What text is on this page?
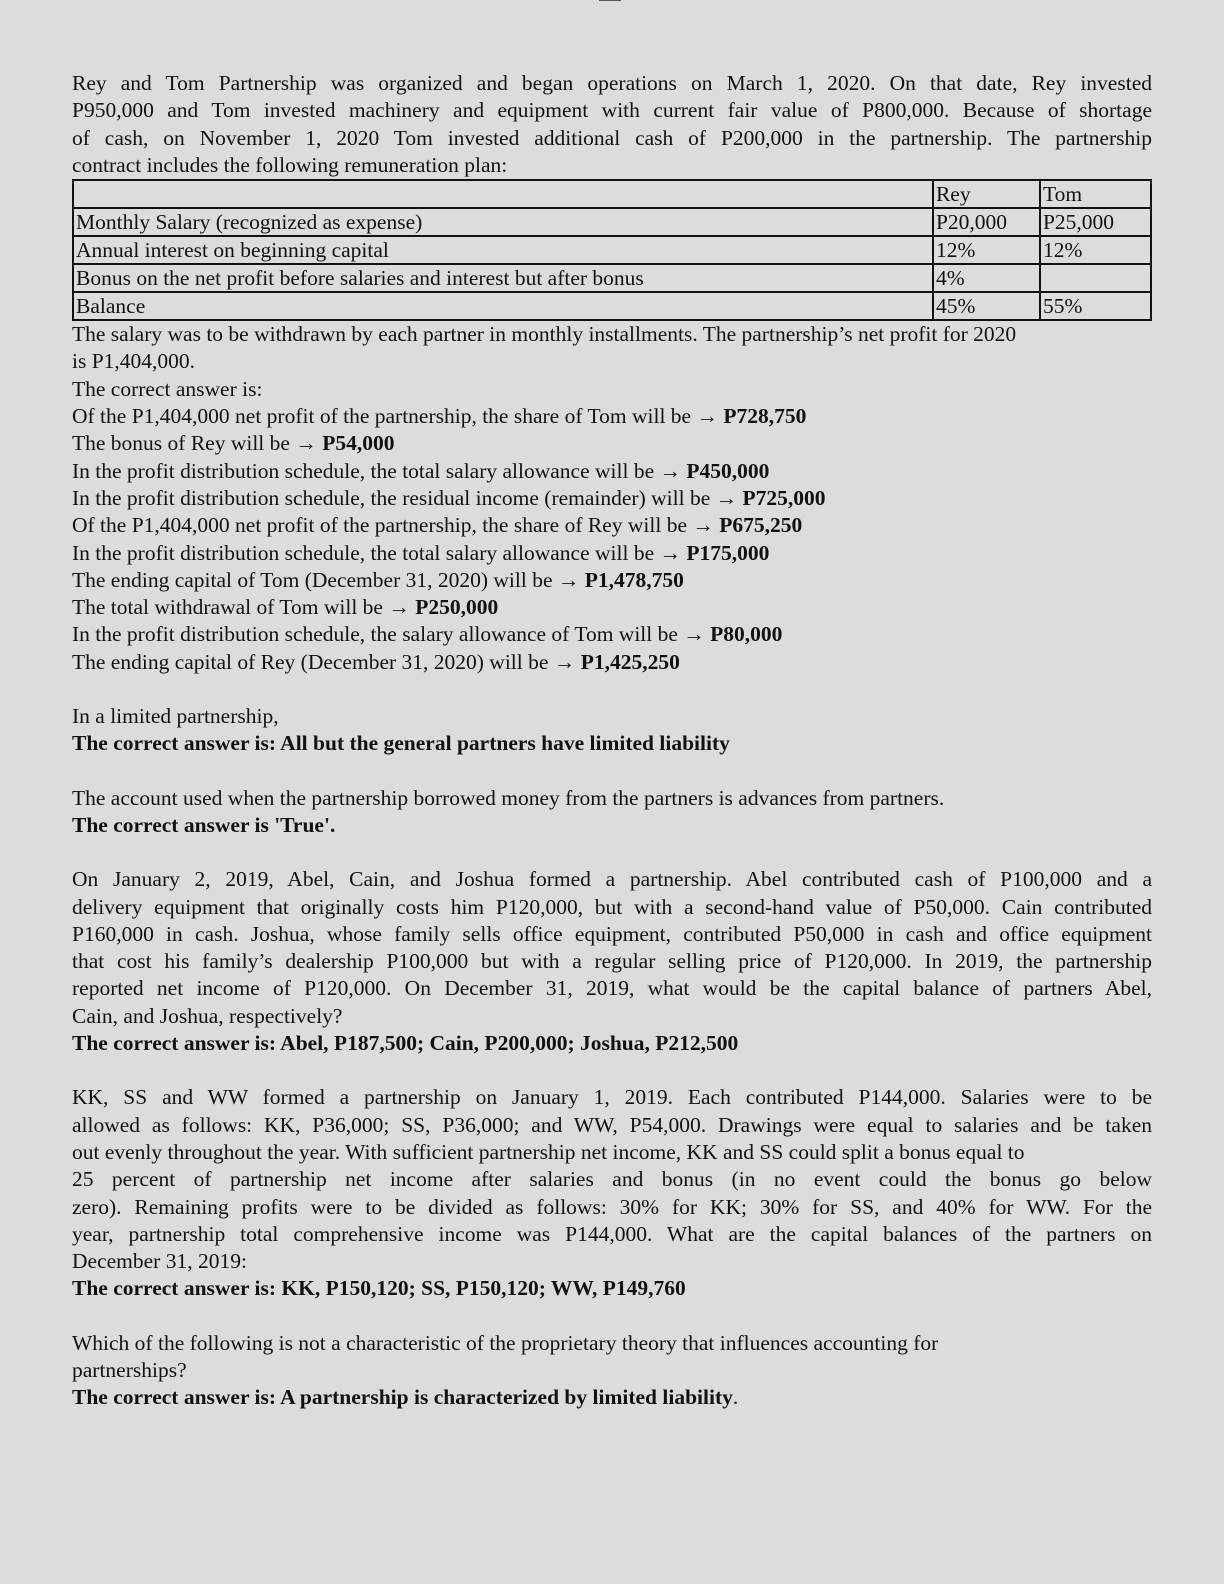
Rey and Tom Partnership was organized and began operations on March 1, 2020. On that date, Rey invested

P950,000 and Tom invested machinery and equipment with current fair value of P800,000. Because of shortage

of cash, on November 1, 2020 Tom invested additional cash of P200,000 in the partnership. The partnership

contract includes the following remuneration plan:

	Rey	Tom
Monthly Salary (recognized as expense)	P20,000	P25,000
Annual interest on beginning capital	12%	12%
Bonus on the net profit before salaries and interest but after bonus	4%	
Balance	45%	55%

The salary was to be withdrawn by each partner in monthly installments. The partnership’s net profit for 2020

is P1,404,000.

The correct answer is:

Of the P1,404,000 net profit of the partnership, the share of Tom will be → P728,750

The bonus of Rey will be → P54,000

In the profit distribution schedule, the total salary allowance will be → P450,000

In the profit distribution schedule, the residual income (remainder) will be → P725,000

Of the P1,404,000 net profit of the partnership, the share of Rey will be → P675,250

In the profit distribution schedule, the total salary allowance will be → P175,000

The ending capital of Tom (December 31, 2020) will be → P1,478,750

The total withdrawal of Tom will be → P250,000

In the profit distribution schedule, the salary allowance of Tom will be → P80,000

The ending capital of Rey (December 31, 2020) will be → P1,425,250

In a limited partnership,

The correct answer is: All but the general partners have limited liability

The account used when the partnership borrowed money from the partners is advances from partners.

The correct answer is 'True'.

On January 2, 2019, Abel, Cain, and Joshua formed a partnership. Abel contributed cash of P100,000 and a

delivery equipment that originally costs him P120,000, but with a second-hand value of P50,000. Cain contributed

P160,000 in cash. Joshua, whose family sells office equipment, contributed P50,000 in cash and office equipment

that cost his family’s dealership P100,000 but with a regular selling price of P120,000. In 2019, the partnership

reported net income of P120,000. On December 31, 2019, what would be the capital balance of partners Abel,

Cain, and Joshua, respectively?

The correct answer is: Abel, P187,500; Cain, P200,000; Joshua, P212,500

KK, SS and WW formed a partnership on January 1, 2019. Each contributed P144,000. Salaries were to be

allowed as follows: KK, P36,000; SS, P36,000; and WW, P54,000. Drawings were equal to salaries and be taken

out evenly throughout the year. With sufficient partnership net income, KK and SS could split a bonus equal to

25 percent of partnership net income after salaries and bonus (in no event could the bonus go below

zero). Remaining profits were to be divided as follows: 30% for KK; 30% for SS, and 40% for WW. For the

year, partnership total comprehensive income was P144,000. What are the capital balances of the partners on

December 31, 2019:

The correct answer is: KK, P150,120; SS, P150,120; WW, P149,760

Which of the following is not a characteristic of the proprietary theory that influences accounting for

partnerships?

The correct answer is: A partnership is characterized by limited liability.
